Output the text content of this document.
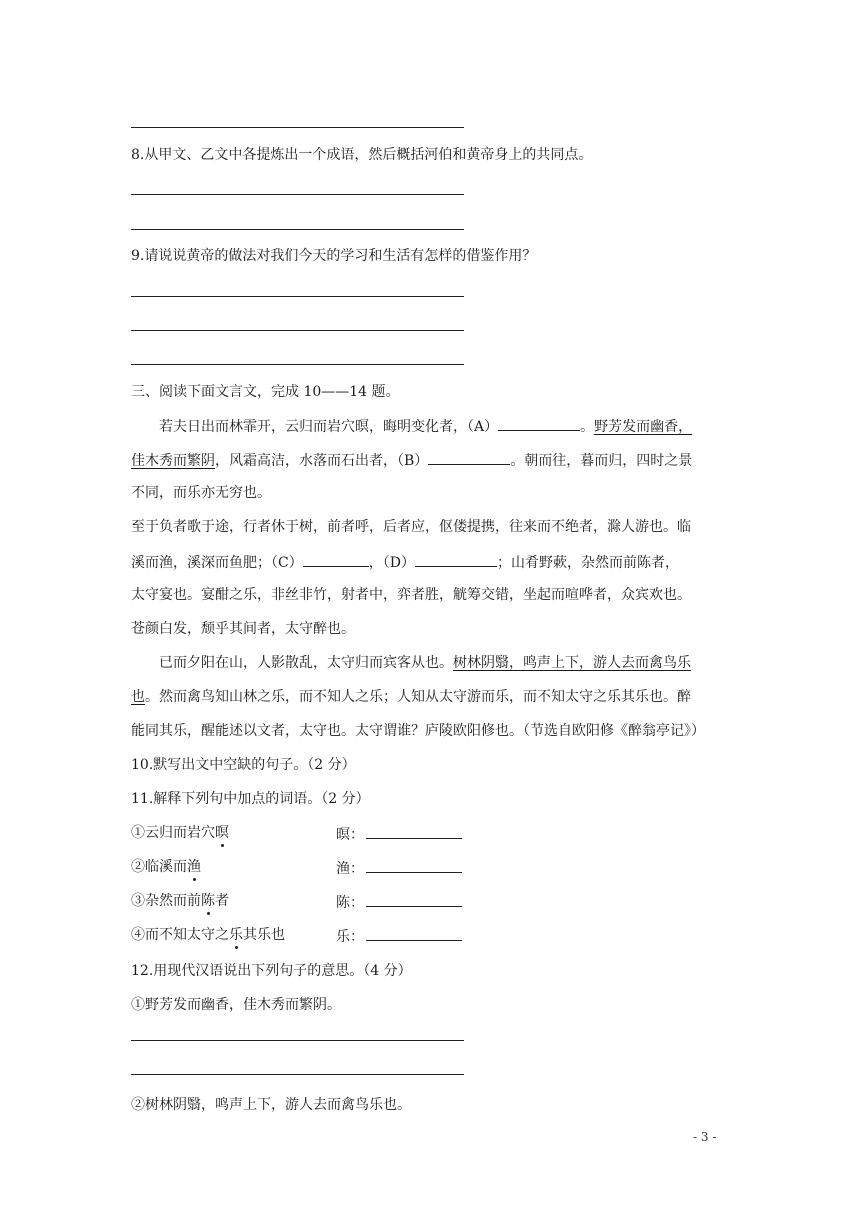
8.从甲文、乙文中各提炼出一个成语，然后概括河伯和黄帝身上的共同点。
9.请说说黄帝的做法对我们今天的学习和生活有怎样的借鉴作用？
三、阅读下面文言文，完成 10——14 题。
若夫日出而林霏开，云归而岩穴暝，晦明变化者，（A）	。野芳发而幽香，
佳木秀而繁阴，风霜高洁，水落而石出者，（B）	。朝而往，暮而归，四时之景
不同，而乐亦无穷也。
至于负者歌于途，行者休于树，前者呼，后者应，伛偻提携，往来而不绝者，滁人游也。临
溪而渔，溪深而鱼肥；（C）	，（D）	；山肴野蔌，杂然而前陈者，
太守宴也。宴酣之乐，非丝非竹，射者中，弈者胜，觥筹交错，坐起而喧哗者，众宾欢也。
苍颜白发，颓乎其间者，太守醉也。
已而夕阳在山，人影散乱，太守归而宾客从也。树林阴翳，鸣声上下，游人去而禽鸟乐
也。然而禽鸟知山林之乐，而不知人之乐；人知从太守游而乐，而不知太守之乐其乐也。醉
能同其乐，醒能述以文者，太守也。太守谓谁？庐陵欧阳修也。（节选自欧阳修《醉翁亭记》）
10.默写出文中空缺的句子。（2 分）
11.解释下列句中加点的词语。（2 分）
①云归而岩穴暝	暝：
②临溪而渔	渔：
③杂然而前陈者	陈：
④而不知太守之乐其乐也	乐：
12.用现代汉语说出下列句子的意思。（4 分）
①野芳发而幽香，佳木秀而繁阴。
②树林阴翳，鸣声上下，游人去而禽鸟乐也。
- 3 -
